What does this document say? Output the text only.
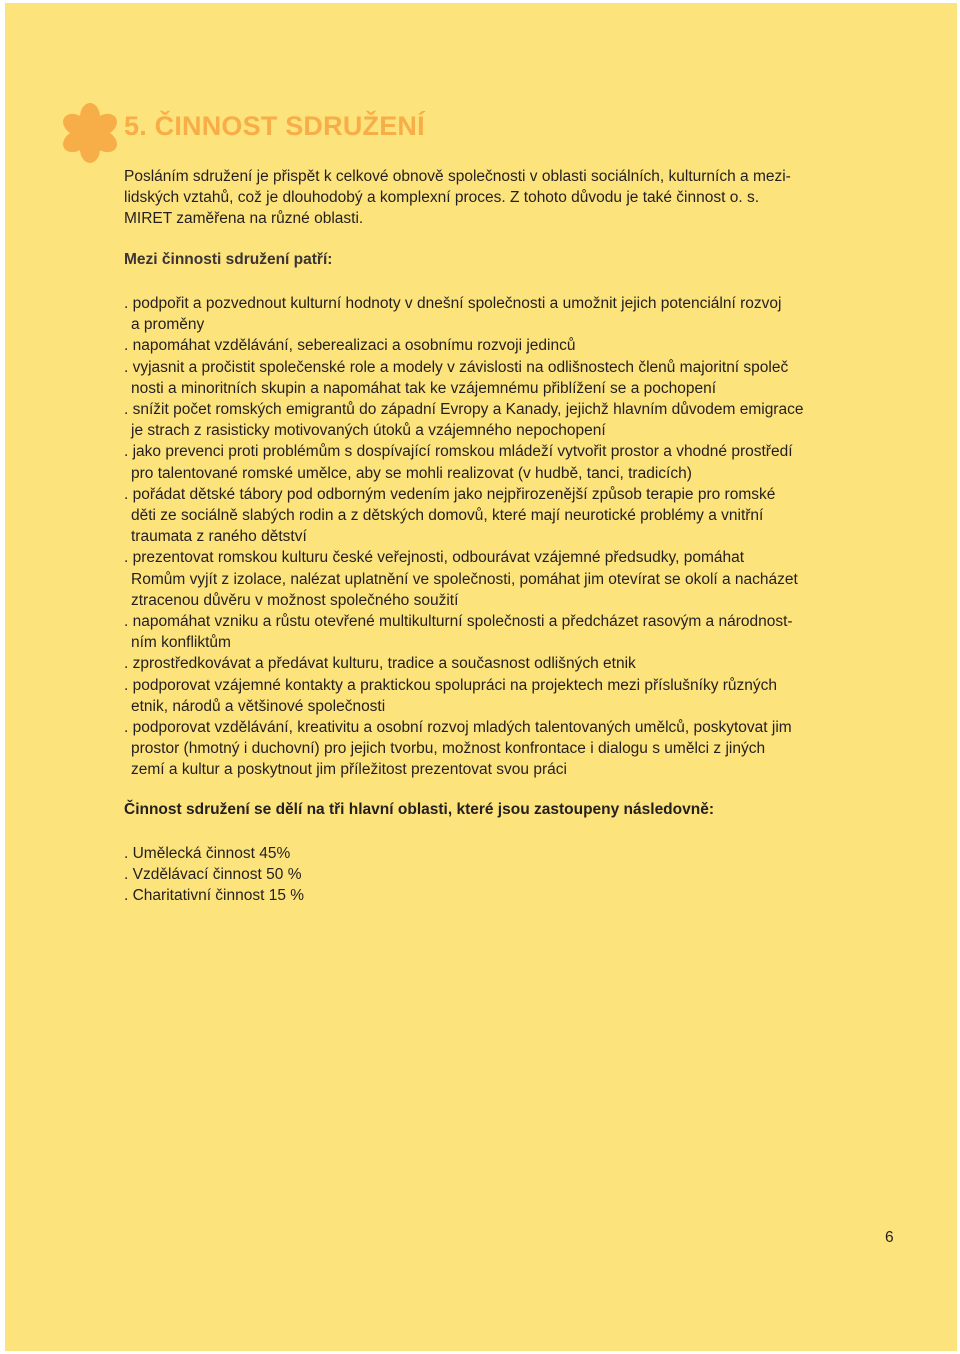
5. ČINNOST SDRUŽENÍ

Posláním sdružení je přispět k celkové obnově společnosti v oblasti sociálních, kulturních a mezi-
lidských vztahů, což je dlouhodobý a komplexní proces. Z tohoto důvodu je také činnost o. s.
MIRET zaměřena na různé oblasti.

Mezi činnosti sdružení patří:
. podpořit a pozvednout kulturní hodnoty v dnešní společnosti a umožnit jejich potenciální rozvoj
a proměny
. napomáhat vzdělávání, seberealizaci a osobnímu rozvoji jedinců
. vyjasnit a pročistit společenské role a modely v závislosti na odlišnostech členů majoritní společ
nosti a minoritních skupin a napomáhat tak ke vzájemnému přiblížení se a pochopení
. snížit počet romských emigrantů do západní Evropy a Kanady, jejichž hlavním důvodem emigrace
je strach z rasisticky motivovaných útoků a vzájemného nepochopení
. jako prevenci proti problémům s dospívající romskou mládeží vytvořit prostor a vhodné prostředí
pro talentované romské umělce, aby se mohli realizovat (v hudbě, tanci, tradicích)
. pořádat dětské tábory pod odborným vedením jako nejpřirozenější způsob terapie pro romské
děti ze sociálně slabých rodin a z dětských domovů, které mají neurotické problémy a vnitřní
traumata z raného dětství
. prezentovat romskou kulturu české veřejnosti, odbourávat vzájemné předsudky, pomáhat
Romům vyjít z izolace, nalézat uplatnění ve společnosti, pomáhat jim otevírat se okolí a nacházet
ztracenou důvěru v možnost společného soužití
. napomáhat vzniku a růstu otevřené multikulturní společnosti a předcházet rasovým a národnost-
ním konfliktům
. zprostředkovávat a předávat kulturu, tradice a současnost odlišných etnik
. podporovat vzájemné kontakty a praktickou spolupráci na projektech mezi příslušníky různých
etnik, národů a většinové společnosti
. podporovat vzdělávání, kreativitu a osobní rozvoj mladých talentovaných umělců, poskytovat jim
prostor (hmotný i duchovní) pro jejich tvorbu, možnost konfrontace i dialogu s umělci z jiných
zemí a kultur a poskytnout jim příležitost prezentovat svou práci
Činnost sdružení se dělí na tři hlavní oblasti, které jsou zastoupeny následovně:
. Umělecká činnost 45%
. Vzdělávací činnost 50 %
. Charitativní činnost 15 %
6
